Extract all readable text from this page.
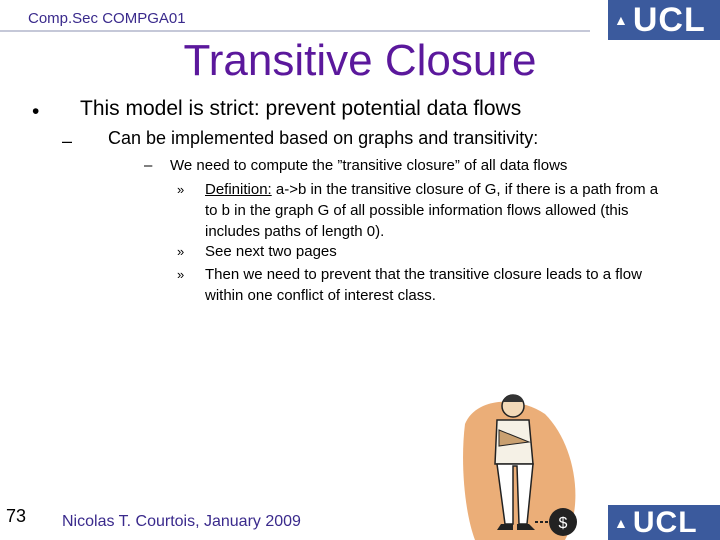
Comp.Sec COMPGA01	▲ UCL
Transitive Closure
• This model is strict: prevent potential data flows
– Can be implemented based on graphs and transitivity:
– We need to compute the ”transitive closure” of all data flows
» Definition: a->b in the transitive closure of G, if there is a path from a
to b in the graph G of all possible information flows allowed (this
includes paths of length 0).
» See next two pages
» Then we need to prevent that the transitive closure leads to a flow
within one conflict of interest class.
$
73 Nicolas T. Courtois, January 2009	▲ UCL
